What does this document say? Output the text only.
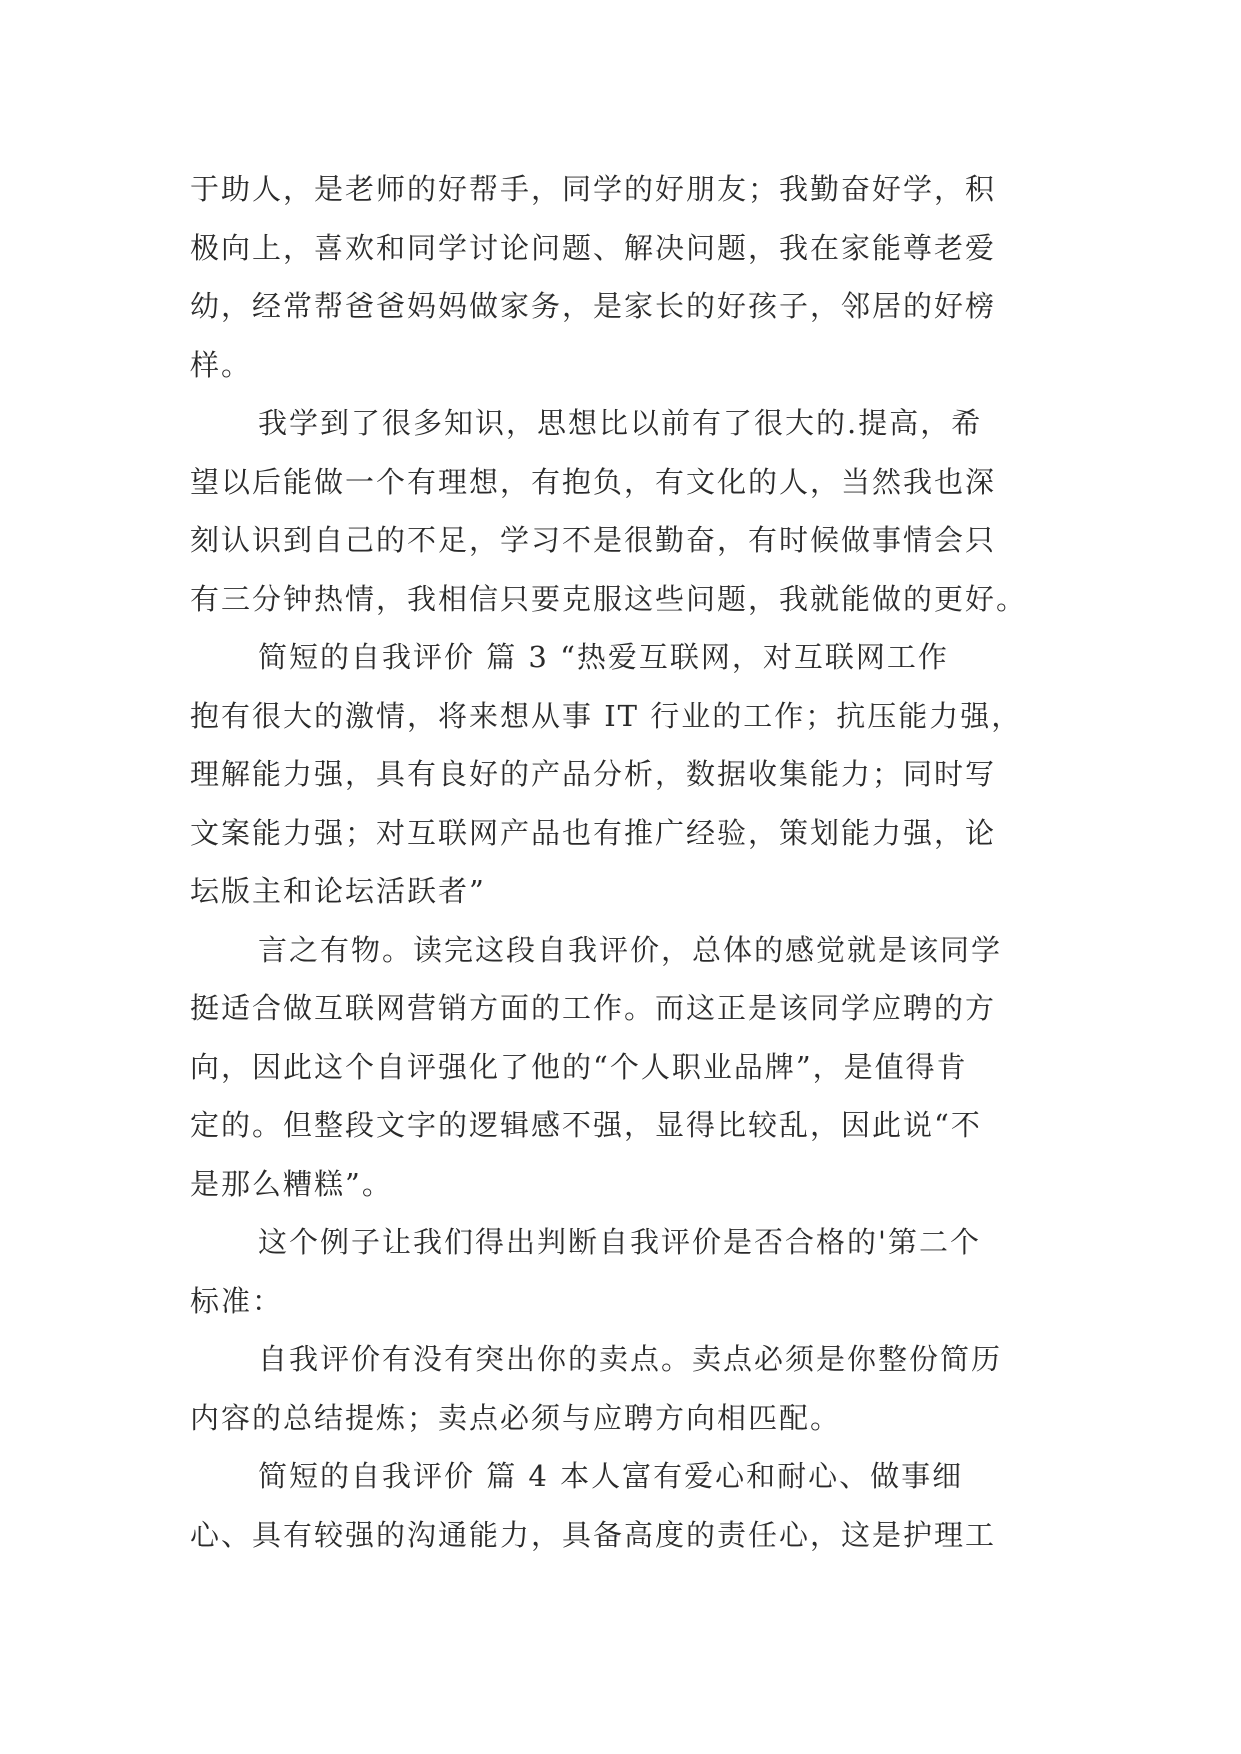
于助人，是老师的好帮手，同学的好朋友；我勤奋好学，积
极向上，喜欢和同学讨论问题、解决问题，我在家能尊老爱
幼，经常帮爸爸妈妈做家务，是家长的好孩子，邻居的好榜
样。
我学到了很多知识，思想比以前有了很大的.提高，希
望以后能做一个有理想，有抱负，有文化的人，当然我也深
刻认识到自己的不足，学习不是很勤奋，有时候做事情会只
有三分钟热情，我相信只要克服这些问题，我就能做的更好。
简短的自我评价 篇 3 “热爱互联网，对互联网工作
抱有很大的激情，将来想从事 IT 行业的工作；抗压能力强，
理解能力强，具有良好的产品分析，数据收集能力；同时写
文案能力强；对互联网产品也有推广经验，策划能力强，论
坛版主和论坛活跃者”
言之有物。读完这段自我评价，总体的感觉就是该同学
挺适合做互联网营销方面的工作。而这正是该同学应聘的方
向，因此这个自评强化了他的“个人职业品牌”，是值得肯
定的。但整段文字的逻辑感不强，显得比较乱，因此说“不
是那么糟糕”。
这个例子让我们得出判断自我评价是否合格的'第二个
标准：
自我评价有没有突出你的卖点。卖点必须是你整份简历
内容的总结提炼；卖点必须与应聘方向相匹配。
简短的自我评价 篇 4 本人富有爱心和耐心、做事细
心、具有较强的沟通能力，具备高度的责任心，这是护理工
